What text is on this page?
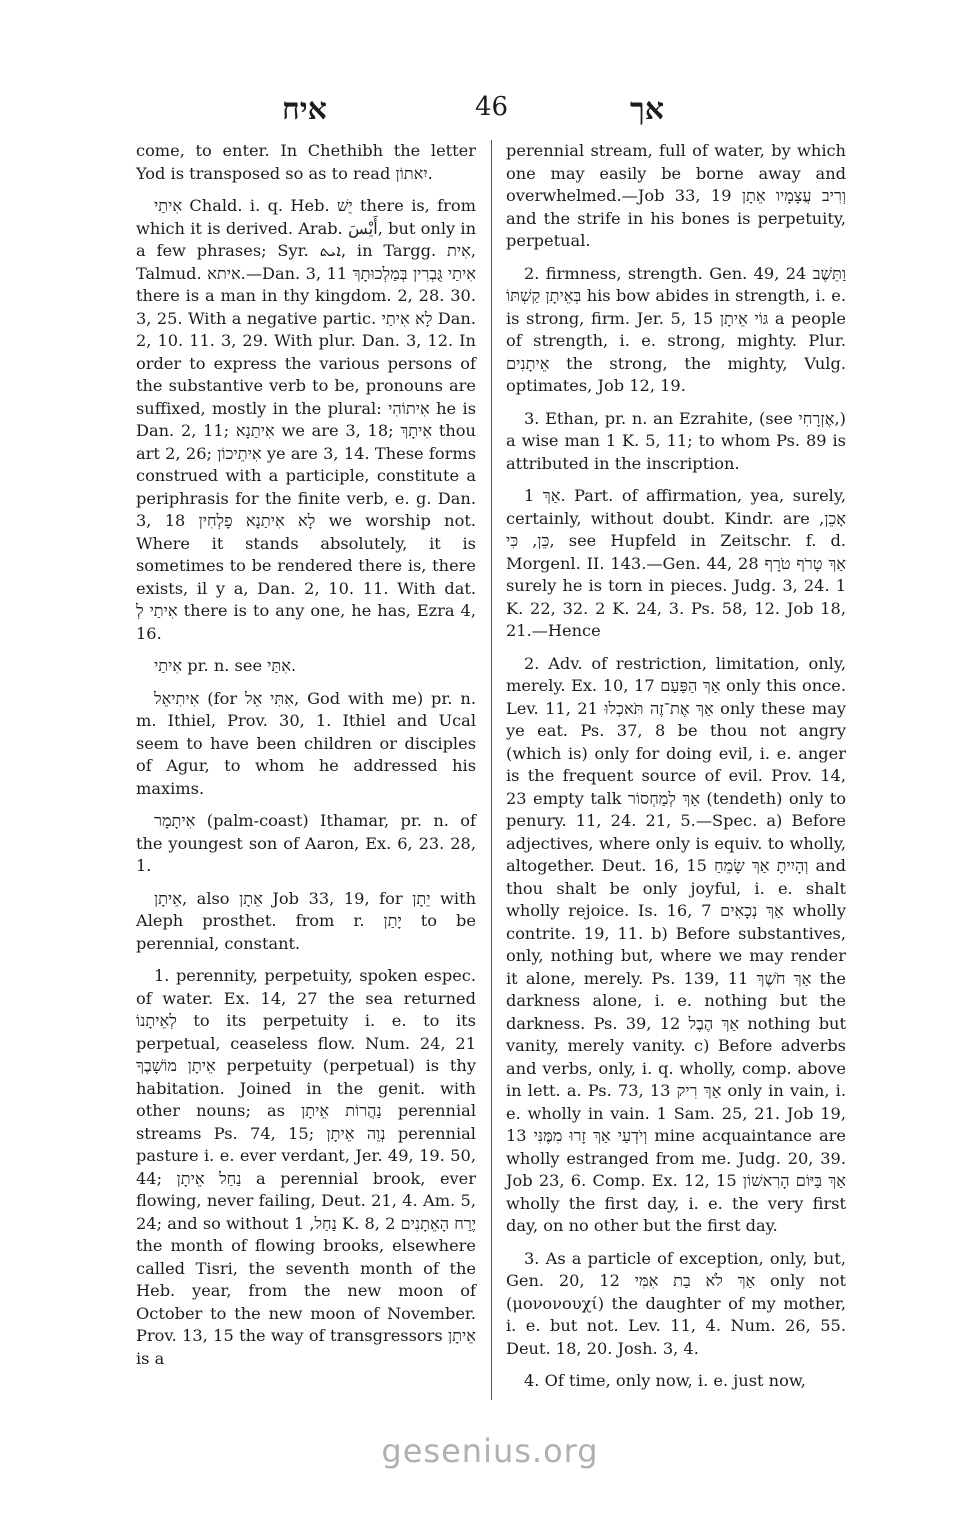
איח	46	אך

come, to enter. In Chethibh the letter Yod is transposed so as to read יִאתוֹן.

אִיתַי Chald. i. q. Heb. יֵשׁ there is, from which it is derived. Arab. أَيْسَ, but only in a few phrases; Syr. ܐܝܬ, in Targg. אִית, Talmud. איתא.—Dan. 3, 11 אִיתַי גֻּבְרִין בְּמַלְכוּתָךְ there is a man in thy kingdom. 2, 28. 30. 3, 25. With a negative partic. לָא אִיתַי Dan. 2, 10. 11. 3, 29. With plur. Dan. 3, 12. In order to express the various persons of the substantive verb to be, pronouns are suffixed, mostly in the plural: אִיתוֹהִי he is Dan. 2, 11; אִיתַנָא we are 3, 18; אִיתָךְ thou art 2, 26; אִיתֵיכוֹן ye are 3, 14. These forms construed with a participle, constitute a periphrasis for the finite verb, e. g. Dan. 3, 18 לָא אִיתַנָא פָלְחִין we worship not. Where it stands absolutely, it is sometimes to be rendered there is, there exists, il y a, Dan. 2, 10. 11. With dat. אִיתַי לְ there is to any one, he has, Ezra 4, 16.

אִיתַי pr. n. see אִתַּי.

אִיתִיאֵל (for אִתִּי אֵל, God with me) pr. n. m. Ithiel, Prov. 30, 1. Ithiel and Ucal seem to have been children or disciples of Agur, to whom he addressed his maxims.

אִיתָמָר (palm-coast) Ithamar, pr. n. of the youngest son of Aaron, Ex. 6, 23. 28, 1.

אֵיתָן, also אֵתָן Job 33, 19, for יֵתָן with Aleph prosthet. from r. יָתַן to be perennial, constant.

1. perennity, perpetuity, spoken espec. of water. Ex. 14, 27 the sea returned לְאֵיתָנוֹ to its perpetuity i. e. to its perpetual, ceaseless flow. Num. 24, 21 אֵיתָן מוֹשָׁבֶךָ perpetuity (perpetual) is thy habitation. Joined in the genit. with other nouns; as נַהֲרוֹת אֵיתָן perennial streams Ps. 74, 15; נְוֵה אֵיתָן perennial pasture i. e. ever verdant, Jer. 49, 19. 50, 44; נַחַל אֵיתָן a perennial brook, ever flowing, never failing, Deut. 21, 4. Am. 5, 24; and so without נַחַל, 1 K. 8, 2 יֶרַח הָאֵתָנִים the month of flowing brooks, elsewhere called Tisri, the seventh month of the Heb. year, from the new moon of October to the new moon of November. Prov. 13, 15 the way of transgressors אֵיתָן is a

perennial stream, full of water, by which one may easily be borne away and overwhelmed.—Job 33, 19 וְרִיב עֲצָמָיו אֵתָן and the strife in his bones is perpetuity, perpetual.

2. firmness, strength. Gen. 49, 24 וַתֵּשֶׁב בְּאֵיתָן קַשְׁתּוֹ his bow abides in strength, i. e. is strong, firm. Jer. 5, 15 גּוֹי אֵיתָן a people of strength, i. e. strong, mighty. Plur. אֵיתָנִים the strong, the mighty, Vulg. optimates, Job 12, 19.

3. Ethan, pr. n. an Ezrahite, (see אֶזְרָחִי,) a wise man 1 K. 5, 11; to whom Ps. 89 is attributed in the inscription.

אַךְ 1. Part. of affirmation, yea, surely, certainly, without doubt. Kindr. are אָכֵן, כֵּן, כִּי, see Hupfeld in Zeitschr. f. d. Morgenl. II. 143.—Gen. 44, 28 אַךְ טָרֹף טֹרָף surely he is torn in pieces. Judg. 3, 24. 1 K. 22, 32. 2 K. 24, 3. Ps. 58, 12. Job 18, 21.—Hence

2. Adv. of restriction, limitation, only, merely. Ex. 10, 17 אַךְ הַפַּעַם only this once. Lev. 11, 21 אַךְ אֶת־זֶה תֹּאכְלוּ only these may ye eat. Ps. 37, 8 be thou not angry (which is) only for doing evil, i. e. anger is the frequent source of evil. Prov. 14, 23 empty talk אַךְ לְמַחְסוֹר (tendeth) only to penury. 11, 24. 21, 5.—Spec. a) Before adjectives, where only is equiv. to wholly, altogether. Deut. 16, 15 וְהָיִיתָ אַךְ שָׂמֵחַ and thou shalt be only joyful, i. e. shalt wholly rejoice. Is. 16, 7 אַךְ נְכָאִים wholly contrite. 19, 11. b) Before substantives, only, nothing but, where we may render it alone, merely. Ps. 139, 11 אַךְ חֹשֶׁךְ the darkness alone, i. e. nothing but the darkness. Ps. 39, 12 אַךְ הֶבֶל nothing but vanity, merely vanity. c) Before adverbs and verbs, only, i. q. wholly, comp. above in lett. a. Ps. 73, 13 אַךְ רִיק only in vain, i. e. wholly in vain. 1 Sam. 25, 21. Job 19, 13 וְיֹדְעַי אַךְ זָרוּ מִמֶּנִּי mine acquaintance are wholly estranged from me. Judg. 20, 39. Job 23, 6. Comp. Ex. 12, 15 אַךְ בַּיּוֹם הָרִאשׁוֹן wholly the first day, i. e. the very first day, on no other but the first day.

3. As a particle of exception, only, but, Gen. 20, 12 אַךְ לֹא בַת אִמִּי only not (μονονουχί) the daughter of my mother, i. e. but not. Lev. 11, 4. Num. 26, 55. Deut. 18, 20. Josh. 3, 4.

4. Of time, only now, i. e. just now,

gesenius.org
